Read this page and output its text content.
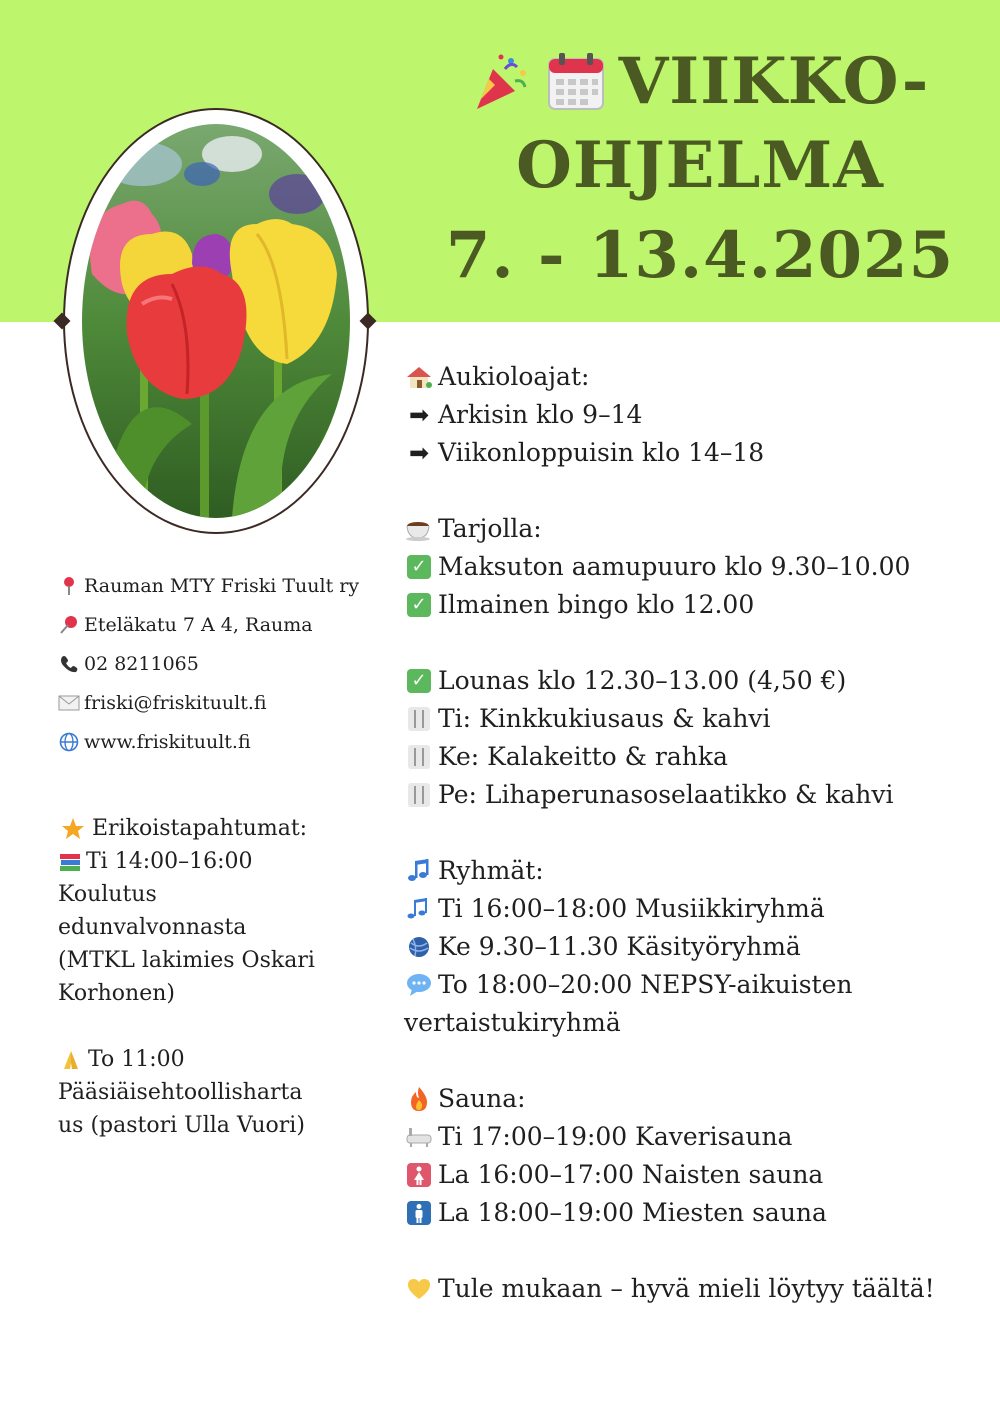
VIIKKO-
OHJELMA
7. - 13.4.2025
Rauman MTY Friski Tuult ry
Eteläkatu 7 A 4, Rauma
02 8211065
friski@friskituult.fi
www.friskituult.fi
Erikoistapahtumat:
Ti 14:00–16:00
Koulutus edunvalvonnasta (MTKL lakimies Oskari Korhonen)
To 11:00
Pääsiäisehtoollisharta us (pastori Ulla Vuori)
Aukioloajat:
➡ Arkisin klo 9–14
➡ Viikonloppuisin klo 14–18
Tarjolla:
✓ Maksuton aamupuuro klo 9.30–10.00
✓ Ilmainen bingo klo 12.00
✓ Lounas klo 12.30–13.00 (4,50 €)
Ti: Kinkkukiusaus & kahvi
Ke: Kalakeitto & rahka
Pe: Lihaperunasoselaatikko & kahvi
Ryhmät:
Ti 16:00–18:00 Musiikkiryhmä
Ke 9.30–11.30 Käsityöryhmä
To 18:00–20:00 NEPSY-aikuisten
vertaistukiryhmä
Sauna:
Ti 17:00–19:00 Kaverisauna
La 16:00–17:00 Naisten sauna
La 18:00–19:00 Miesten sauna
Tule mukaan – hyvä mieli löytyy täältä!
